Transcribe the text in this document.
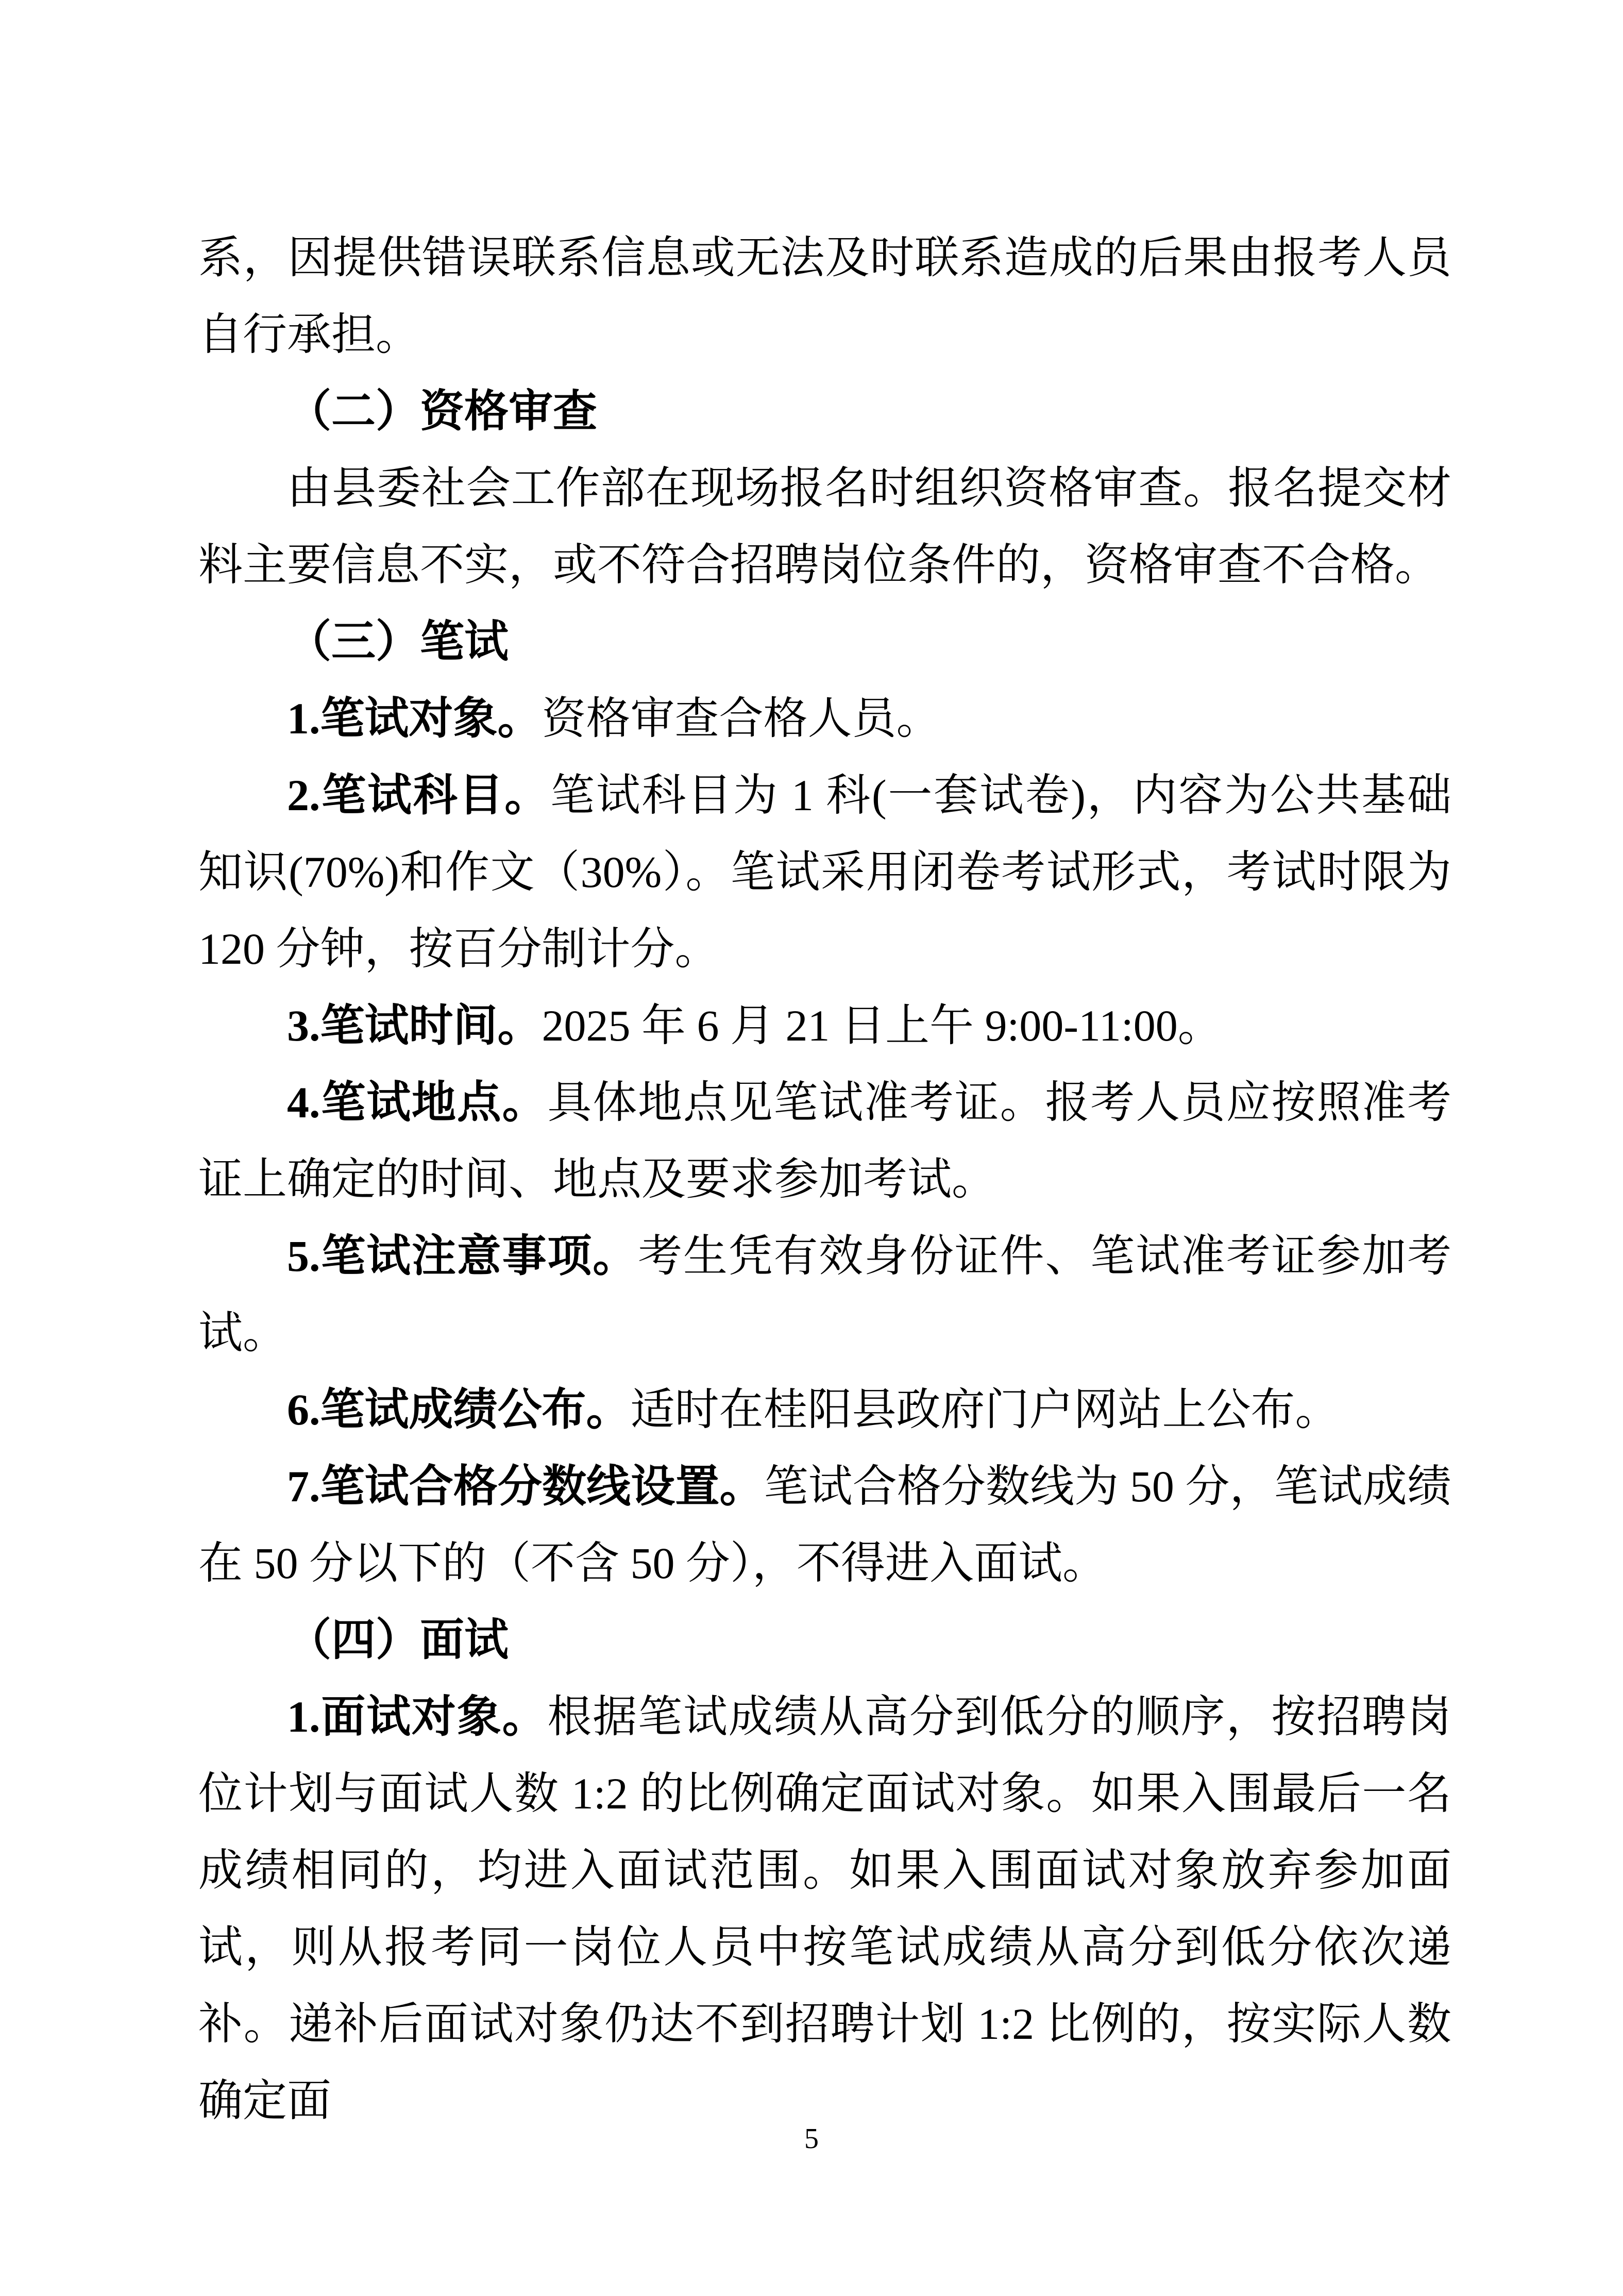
系，因提供错误联系信息或无法及时联系造成的后果由报考人员自行承担。

（二）资格审查

由县委社会工作部在现场报名时组织资格审查。报名提交材料主要信息不实，或不符合招聘岗位条件的，资格审查不合格。

（三）笔试

1.笔试对象。资格审查合格人员。

2.笔试科目。笔试科目为 1 科(一套试卷)，内容为公共基础知识(70%)和作文（30%）。笔试采用闭卷考试形式，考试时限为 120 分钟，按百分制计分。

3.笔试时间。2025 年 6 月 21 日上午 9:00-11:00。

4.笔试地点。具体地点见笔试准考证。报考人员应按照准考证上确定的时间、地点及要求参加考试。

5.笔试注意事项。考生凭有效身份证件、笔试准考证参加考试。

6.笔试成绩公布。适时在桂阳县政府门户网站上公布。

7.笔试合格分数线设置。笔试合格分数线为 50 分，笔试成绩在 50 分以下的（不含 50 分），不得进入面试。

（四）面试

1.面试对象。根据笔试成绩从高分到低分的顺序，按招聘岗位计划与面试人数 1:2 的比例确定面试对象。如果入围最后一名成绩相同的，均进入面试范围。如果入围面试对象放弃参加面试，则从报考同一岗位人员中按笔试成绩从高分到低分依次递补。递补后面试对象仍达不到招聘计划 1:2 比例的，按实际人数确定面

5
